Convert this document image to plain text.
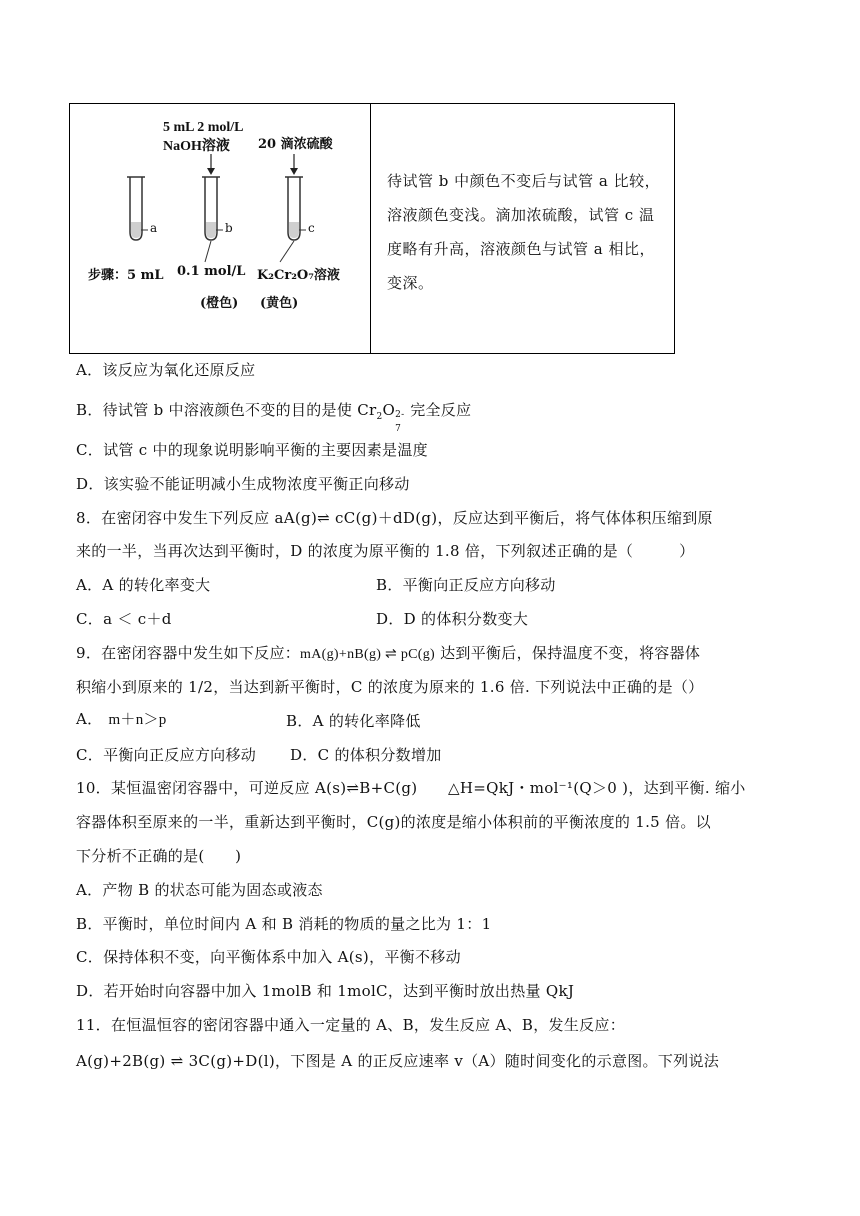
5 mL 2 mol/L
NaOH溶液 20 滴浓硫酸
a	b	c
步骤：5 mL 0.1 mol/L K₂Cr₂O₇溶液
(橙色) (黄色)

待试管 b 中颜色不变后与试管 a 比较，溶液颜色变浅。滴加浓硫酸，试管 c 温度略有升高，溶液颜色与试管 a 相比，变深。
A．该反应为氧化还原反应
B．待试管 b 中溶液颜色不变的目的是使 $Cr_2O$ 2-
7
完全反应
C．试管 c 中的现象说明影响平衡的主要因素是温度
D．该实验不能证明减小生成物浓度平衡正向移动
8．在密闭容中发生下列反应 aA(g)⇌ cC(g)＋dD(g)，反应达到平衡后，将气体体积压缩到原
来的一半，当再次达到平衡时，D 的浓度为原平衡的 1.8 倍，下列叙述正确的是（　　　）
A．A 的转化率变大	B．平衡向正反应方向移动
C．a ＜ c＋d	D．D 的体积分数变大
9．在密闭容器中发生如下反应：mA(g)+nB(g) ⇌ pC(g) 达到平衡后，保持温度不变，将容器体
积缩小到原来的 1/2，当达到新平衡时，C 的浓度为原来的 1.6 倍. 下列说法中正确的是（）
A． m＋n＞p	B．A 的转化率降低
C．平衡向正反应方向移动 D．C 的体积分数增加
10．某恒温密闭容器中，可逆反应 A(s)⇌B+C(g)　　△H=QkJ・mol⁻¹(Q＞0 )，达到平衡. 缩小
容器体积至原来的一半，重新达到平衡时，C(g)的浓度是缩小体积前的平衡浓度的 1.5 倍。以
下分析不正确的是(　　)
A．产物 B 的状态可能为固态或液态
B．平衡时，单位时间内 A 和 B 消耗的物质的量之比为 1：1
C．保持体积不变，向平衡体系中加入 A(s)，平衡不移动
D．若开始时向容器中加入 1molB 和 1molC，达到平衡时放出热量 QkJ
11．在恒温恒容的密闭容器中通入一定量的 A、B，发生反应 A、B，发生反应：
A(g)+2B(g) ⇌ 3C(g)+D(l)，下图是 A 的正反应速率 v（A）随时间变化的示意图。下列说法
